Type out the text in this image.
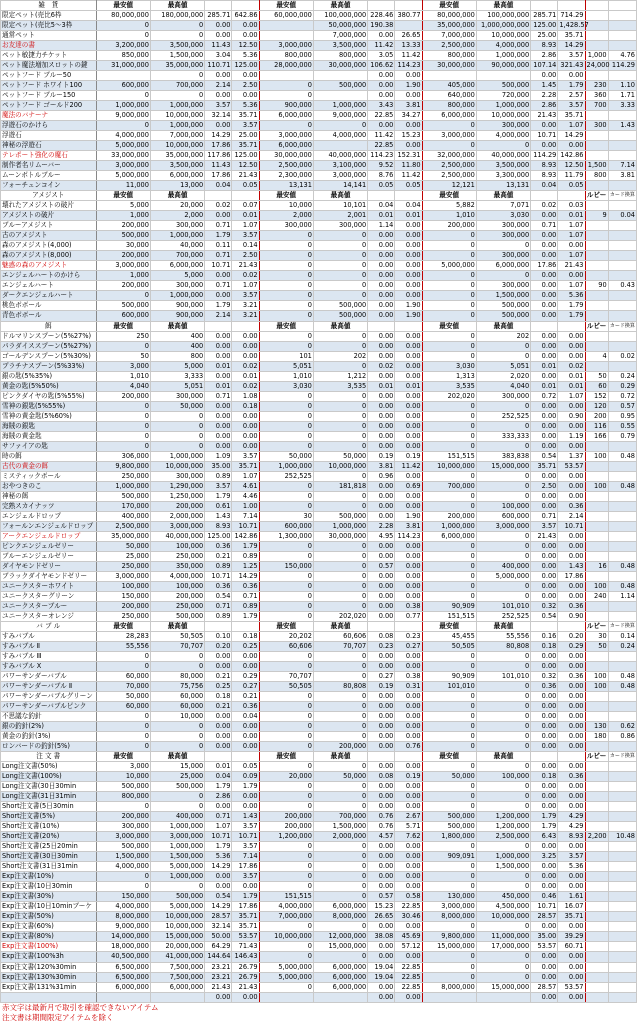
雑　貨	最安値	最高値			最安値	最高値			最安値	最高値				
限定ペット(売比6枠	80,000,000	180,000,000	285.71	642.86	60,000,000	100,000,000	228.46	380.77	80,000,000	100,000,000	285.71	714.29		
限定ペット(売比5〜3枠	0	0	0.00	0.00		50,000,000	190.38		35,000,000	1,000,000,000	125.00	1,428.57		
通常ペット	0	0	0.00	0.00		7,000,000	0.00	26.65	7,000,000	10,000,000	25.00	35.71		
お友達の書	3,200,000	3,500,000	11.43	12.50	3,000,000	3,500,000	11.42	13.33	2,500,000	4,000,000	8.93	14.29		
ペット敏捷力チケット	850,000	1,500,000	3.04	5.36	800,000	800,000	3.05	11.42	800,000	1,000,000	2.86	3.57	1,000	4.76
ペット魔法増加スロットの鍵	31,000,000	35,000,000	110.71	125.00	28,000,000	30,000,000	106.62	114.23	30,000,000	90,000,000	107.14	321.43	24,000	114.29
ペットフード ブルー50		0	0.00	0.00			0.00	0.00			0.00	0.00		
ペットフード ホワイト100	600,000	700,000	2.14	2.50	0	500,000	0.00	1.90	405,000	500,000	1.45	1.79	230	1.10
ペットフード ブルー150	0	0	0.00	0.00	0		0.00	0.00	640,000	720,000	2.28	2.57	360	1.71
ペットフード ゴールド200	1,000,000	1,000,000	3.57	5.36	900,000	1,000,000	3.43	3.81	800,000	1,000,000	2.86	3.57	700	3.33
魔法のバナーナ	9,000,000	10,000,000	32.14	35.71	6,000,000	9,000,000	22.85	34.27	6,000,000	10,000,000	21.43	35.71		
浮遊石のかけら	0	1,000,000	0.00	3.57	0	0	0.00	0.00	0	300,000	0.00	1.07	300	1.43
浮遊石	4,000,000	7,000,000	14.29	25.00	3,000,000	4,000,000	11.42	15.23	3,000,000	4,000,000	10.71	14.29		
神秘の浮遊石	5,000,000	10,000,000	17.86	35.71	6,000,000		22.85	0.00	0	0	0.00	0.00		
テレポート強化の魔石	33,000,000	35,000,000	117.86	125.00	30,000,000	40,000,000	114.23	152.31	32,000,000	40,000,000	114.29	142.86		
制作者名リムーバー	3,000,000	3,500,000	11.43	12.50	2,500,000	3,100,000	9.52	11.80	2,500,000	3,500,000	8.93	12.50	1,500	7.14
ムーンボトルブルー	5,000,000	6,000,000	17.86	21.43	2,300,000	3,000,000	8.76	11.42	2,500,000	3,300,000	8.93	11.79	800	3.81
フォーチュンコイン	11,000	13,000	0.04	0.05	13,131	14,141	0.05	0.05	12,121	13,131	0.04	0.05		
アメジスト	最安値	最高値			最安値	最高値			最安値	最高値			ルビー	カード換算
壊れたアメジストの破片	5,000	20,000	0.02	0.07	10,000	10,101	0.04	0.04	5,882	7,071	0.02	0.03		
アメジストの破片	1,000	2,000	0.00	0.01	2,000	2,001	0.01	0.01	1,010	3,030	0.00	0.01	9	0.04
ブルーアメジスト	200,000	300,000	0.71	1.07	300,000	300,000	1.14	0.00	200,000	300,000	0.71	1.07		
古のアメジスト	500,000	1,000,000	1.79	3.57	0	0	0.00	0.00	0	300,000	0.00	1.07		
森のアメジスト(4,000)	30,000	40,000	0.11	0.14	0	0	0.00	0.00	0	0	0.00	0.00		
森のアメジスト(8,000)	200,000	700,000	0.71	2.50	0	0	0.00	0.00	0	300,000	0.00	1.07		
魅惑の森のアメジスト	3,000,000	6,000,000	10.71	21.43	0	0	0.00	0.00	5,000,000	6,000,000	17.86	21.43		
エンジェルハートのかけら	1,000	5,000	0.00	0.02	0	0	0.00	0.00	0	0	0.00	0.00		
エンジェルハート	200,000	300,000	0.71	1.07	0	0	0.00	0.00	0	300,000	0.00	1.07	90	0.43
ダークエンジェルハート	0	1,000,000	0.00	3.57	0	0	0.00	0.00	0	1,500,000	0.00	5.36		
桃色ボボール	500,000	900,000	1.79	3.21	0	500,000	0.00	1.90	0	500,000	0.00	1.79		
青色ボボール	600,000	900,000	2.14	3.21	0	500,000	0.00	1.90	0	500,000	0.00	1.79		
餌	最安値	最高値			最安値	最高値			最安値	最高値			ルビー	カード換算
ドルマリンスプーン(5%27%)	250	400	0.00	0.00	0	0	0.00	0.00	0	202	0.00	0.00		
パラダイススプーン(5%27%)	0	400	0.00	0.00	0	0	0.00	0.00	0	0	0.00	0.00		
ゴールデンスプーン(5%30%)	50	800	0.00	0.00	101	202	0.00	0.00	0	0	0.00	0.00	4	0.02
プラチナスプーン(5%33%)	3,000	5,000	0.01	0.02	5,051	0	0.02	0.00	3,030	5,051	0.01	0.02		
銀の匙(5%35%)	1,010	3,333	0.00	0.01	1,010	1,212	0.00	0.00	1,313	2,020	0.00	0.01	50	0.24
黄金の匙(5%50%)	4,040	5,051	0.01	0.02	3,030	3,535	0.01	0.01	3,535	4,040	0.01	0.01	60	0.29
ピンクダイヤの匙(5%55%)	200,000	300,000	0.71	1.08	0	0	0.00	0.00	202,020	300,000	0.72	1.07	152	0.72
雪神の銀匙(5%55%)	0	50,000	0.00	0.18	0	0	0.00	0.00	0	0	0.00	0.00	120	0.57
雪神の黄金匙(5%60%)	0	0	0.00	0.00	0	0	0.00	0.00	0	252,525	0.00	0.90	200	0.95
海賊の銀匙	0	0	0.00	0.00	0	0	0.00	0.00	0	0	0.00	0.00	116	0.55
海賊の黄金匙	0	0	0.00	0.00	0	0	0.00	0.00	0	333,333	0.00	1.19	166	0.79
サファイアの匙	0	0	0.00	0.00	0	0	0.00	0.00	0	0	0.00	0.00		
時の餌	306,000	1,000,000	1.09	3.57	50,000	50,000	0.19	0.19	151,515	383,838	0.54	1.37	100	0.48
古代の黄金の餌	9,800,000	10,000,000	35.00	35.71	1,000,000	10,000,000	3.81	11.42	10,000,000	15,000,000	35.71	53.57		
ミスティックボール	250,000	300,000	0.89	1.07	252,525	0	0.96	0.00	0	0	0.00	0.00		
おやつきのこ	1,000,000	1,290,000	3.57	4.61	0	181,818	0.00	0.69	700,000	0	2.50	0.00	100	0.48
神秘の餌	500,000	1,250,000	1.79	4.46	0	0	0.00	0.00	0	0	0.00	0.00		
完熟スカイナッツ	170,000	200,000	0.61	1.00	0	0	0.00	0.00	0	100,000	0.00	0.36		
エンジェルドロップ	400,000	2,000,000	1.43	7.14	30	500,000	0.00	1.90	200,000	600,000	0.71	2.14		
フォールンエンジェルドロップ	2,500,000	3,000,000	8.93	10.71	600,000	1,000,000	2.28	3.81	1,000,000	3,000,000	3.57	10.71		
アークエンジェルドロップ	35,000,000	40,000,000	125.00	142.86	1,300,000	30,000,000	4.95	114.23	6,000,000	0	21.43	0.00		
ピンクエンジェルゼリー	50,000	100,000	0.36	1.79	0	0	0.00	0.00	0	0	0.00	0.00		
ブルーエンジェルゼリー	25,000	250,000	0.21	0.89	0	0	0.00	0.00	0	0	0.00	0.00		
ダイヤモンドゼリー	250,000	350,000	0.89	1.25	150,000	0	0.57	0.00	0	400,000	0.00	1.43	16	0.48
ブラックダイヤモンドゼリー	3,000,000	4,000,000	10.71	14.29	0	0	0.00	0.00	0	5,000,000	0.00	17.86		
ユニークスターホワイト	100,000	100,000	0.36	0.36	0	0	0.00	0.00	0	0	0.00	0.00	100	0.48
ユニークスターグリーン	150,000	200,000	0.54	0.71	0	0	0.00	0.00	0	0	0.00	0.00	240	1.14
ユニークスターブルー	200,000	250,000	0.71	0.89	0	0	0.00	0.38	90,909	101,010	0.32	0.36		
ユニークスターオレンジ	250,000	500,000	0.89	1.79	0	202,020	0.00	0.77	151,515	252,525	0.54	0.90		
バ ブ ル	最安値	最高値			最安値	最高値			最安値	最高値			ルビー	カード換算
すみバブル	28,283	50,505	0.10	0.18	20,202	60,606	0.08	0.23	45,455	55,556	0.16	0.20	30	0.14
すみバブル Ⅱ	55,556	70,707	0.20	0.25	60,606	70,707	0.23	0.27	50,505	80,808	0.18	0.29	50	0.24
すみバブル Ⅲ	0	0	0.00	0.00	0	0	0.00	0.00	0	0	0.00	0.00		
すみバブル Ⅹ	0	0	0.00	0.00	0	0	0.00	0.00	0	0	0.00	0.00		
パワーサンダーバブル	60,000	80,000	0.21	0.29	70,707	0	0.27	0.38	90,909	101,010	0.32	0.36	100	0.48
パワーサンダーバブル Ⅱ	70,000	75,756	0.25	0.27	50,505	80,808	0.19	0.31	101,010	0	0.36	0.00	100	0.48
パワーサンダーバブルグリーン	50,000	60,000	0.18	0.21	0	0	0.00	0.00	0	0	0.00	0.00		
パワーサンダーバブルピンク	60,000	60,000	0.21	0.36	0	0	0.00	0.00	0	0	0.00	0.00		
不思議な釣針	0	10,000	0.00	0.04	0	0	0.00	0.00	0	0	0.00	0.00		
銀の釣針(2%)	0	0	0.00	0.00	0	0	0.00	0.00	0	0	0.00	0.00	130	0.62
黄金の釣針(3%)	0	0	0.00	0.00	0	0	0.00	0.00	0	0	0.00	0.00	180	0.86
ロンバードの釣針(5%)	0	0	0.00	0.00	0	200,000	0.00	0.76	0	0	0.00	0.00		
注 文 書	最安値	最高値			最安値	最高値			最安値	最高値			ルビー	カード換算
Long注文書(50%)	3,000	15,000	0.01	0.05	0	0	0.00	0.00	0	0	0.00	0.00		
Long注文書(100%)	10,000	25,000	0.04	0.09	20,000	50,000	0.08	0.19	50,000	100,000	0.18	0.36		
Long注文書(30日30min	500,000	500,000	1.79	1.79	0	0	0.00	0.00	0	0	0.00	0.00		
Long注文書(31日31min	800,000	0	2.86	0.00	0	0	0.00	0.00	0	0	0.00	0.00		
Short注文書(5日30min	0	0	0.00	0.00	0	0	0.00	0.00	0	0	0.00	0.00		
Short注文書(5%)	200,000	400,000	0.71	1.43	200,000	700,000	0.76	2.67	500,000	1,200,000	1.79	4.29		
Short注文書(10%)	300,000	1,000,000	1.07	3.57	200,000	1,500,000	0.76	5.71	500,000	1,200,000	1.79	4.29		
Short注文書(20%)	3,000,000	3,000,000	10.71	10.71	1,200,000	2,000,000	4.57	7.62	1,800,000	2,500,000	6.43	8.93	2,200	10.48
Short注文書(25日20min	500,000	1,000,000	1.79	3.57	0	0	0.00	0.00	0	0	0.00	0.00		
Short注文書(30日30min	1,500,000	1,500,000	5.36	7.14	0	0	0.00	0.00	909,091	1,000,000	3.25	3.57		
Short注文書(31日31min	4,000,000	5,000,000	14.29	17.86	0	0	0.00	0.00	0	1,500,000	0.00	5.36		
Exp注文書(10%)	0	1,000,000	0.00	3.57	0	0	0.00	0.00	0	0	0.00	0.00		
Exp注文書(10日30min	0	0	0.00	0.00	0	0	0.00	0.00	0	0	0.00	0.00		
Exp注文書(30%)	150,000	500,000	0.54	1.79	151,515	0	0.57	0.58	130,000	450,000	0.46	1.61		
Exp注文書(10日10minブーケ	4,000,000	5,000,000	14.29	17.86	4,000,000	6,000,000	15.23	22.85	3,000,000	4,500,000	10.71	16.07		
Exp注文書(50%)	8,000,000	10,000,000	28.57	35.71	7,000,000	8,000,000	26.65	30.46	8,000,000	10,000,000	28.57	35.71		
Exp注文書(60%)	9,000,000	10,000,000	32.14	35.71	0	0	0.00	0.00	0	0	0.00	0.00		
Exp注文書(80%)	14,000,000	15,000,000	50.00	53.57	10,000,000	12,000,000	38.08	45.69	9,800,000	11,000,000	35.00	39.29		
Exp注文書(100%)	18,000,000	20,000,000	64.29	71.43	0	15,000,000	0.00	57.12	15,000,000	17,000,000	53.57	60.71		
Exp注文書(100%3h	40,500,000	41,000,000	144.64	146.43	0	0	0.00	0.00	0	0	0.00	0.00		
Exp注文書(120%30min	6,500,000	7,500,000	23.21	26.79	5,000,000	6,000,000	19.04	22.85	0	0	0.00	0.00		
Exp注文書(130%30min	6,500,000	7,500,000	23.21	26.79	5,000,000	6,000,000	19.04	22.85	0	0	0.00	0.00		
Exp注文書(131%31min	6,000,000	6,000,000	21.43	21.43	0	6,000,000	0.00	22.85	8,000,000	15,000,000	28.57	53.57		
			0.00	0.00			0.00	0.00			0.00	0.00		
赤文字は最新月で取引を確認できないアイテム
注文書は期間限定アイテムを除く
